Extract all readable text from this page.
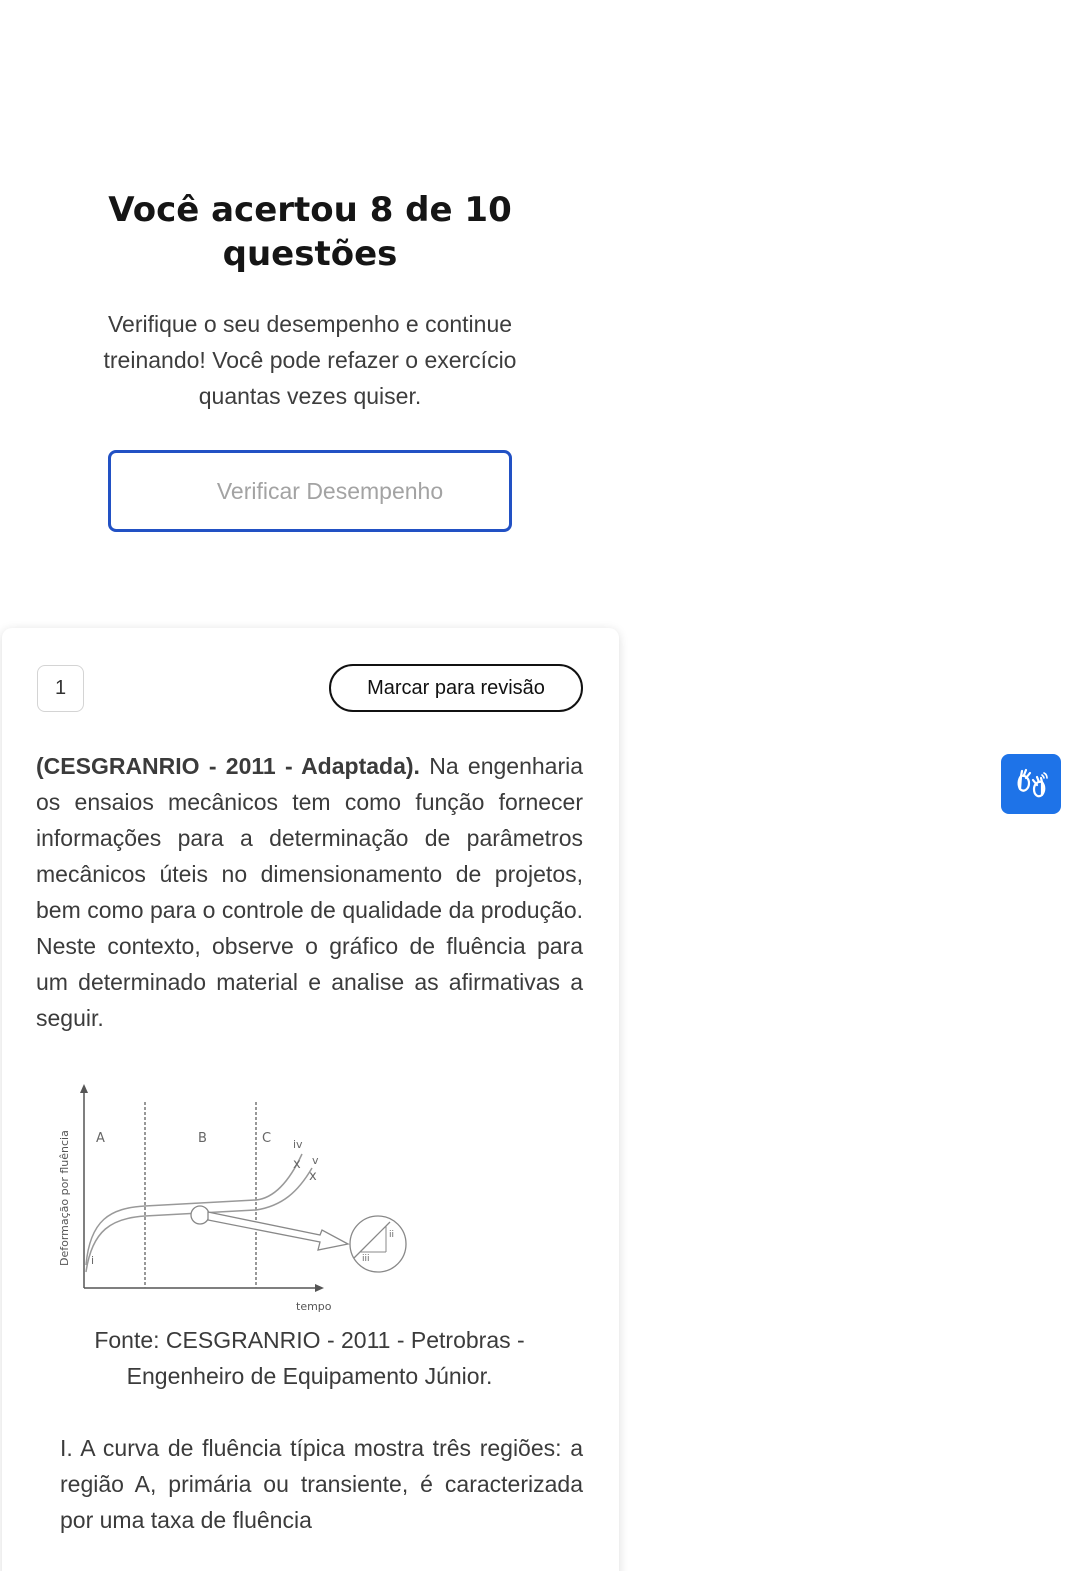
Você acertou 8 de 10 questões

Verifique o seu desempenho e continue treinando! Você pode refazer o exercício quantas vezes quiser.

Verificar Desempenho
1	Marcar para revisão

(CESGRANRIO - 2011 - Adaptada). Na engenharia os ensaios mecânicos tem como função fornecer informações para a determinação de parâmetros mecânicos úteis no dimensionamento de projetos, bem como para o controle de qualidade da produção. Neste contexto, observe o gráfico de fluência para um determinado material e analise as afirmativas a seguir.

A	B	C
i
ii
iii
iv
v
x
x
Deformação por fluência
tempo

Fonte: CESGRANRIO - 2011 - Petrobras - Engenheiro de Equipamento Júnior.

I. A curva de fluência típica mostra três regiões: a região A, primária ou transiente, é caracterizada por uma taxa de fluência
